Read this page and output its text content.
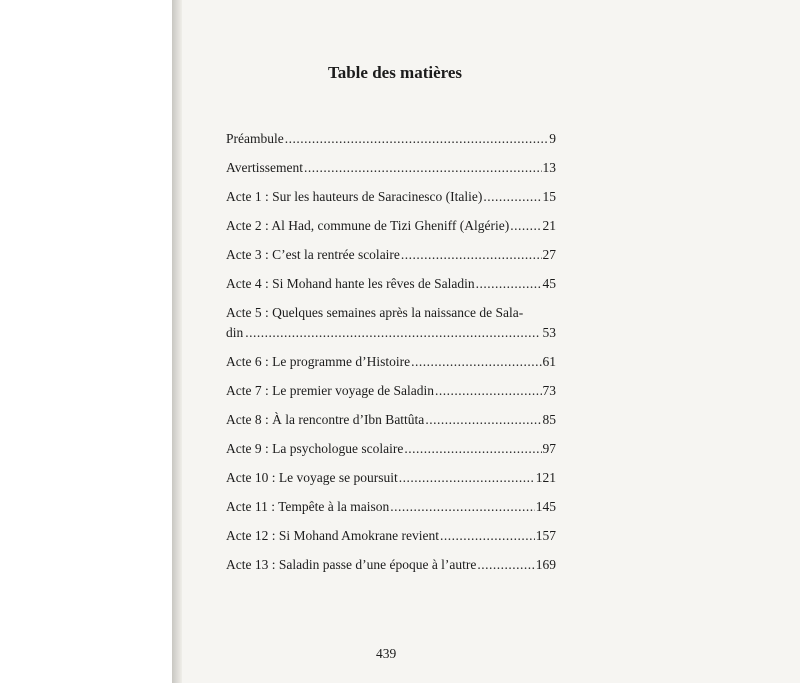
Table des matières
Préambule .....	9
Avertissement .....	13
Acte 1 : Sur les hauteurs de Saracinesco (Italie) .....	15
Acte 2 : Al Had, commune de Tizi Gheniff (Algérie) ..... 21
Acte 3 : C’est la rentrée scolaire .....	27
Acte 4 : Si Mohand hante les rêves de Saladin .....	45
Acte 5 : Quelques semaines après la naissance de Sala-
din .....	53
Acte 6 : Le programme d’Histoire .....	61
Acte 7 : Le premier voyage de Saladin .....	73
Acte 8 : À la rencontre d’Ibn Battûta .....	85
Acte 9 : La psychologue scolaire .....	97
Acte 10 : Le voyage se poursuit .....	121
Acte 11 : Tempête à la maison .....	145
Acte 12 : Si Mohand Amokrane revient .....	157
Acte 13 : Saladin passe d’une époque à l’autre .....	169
439
